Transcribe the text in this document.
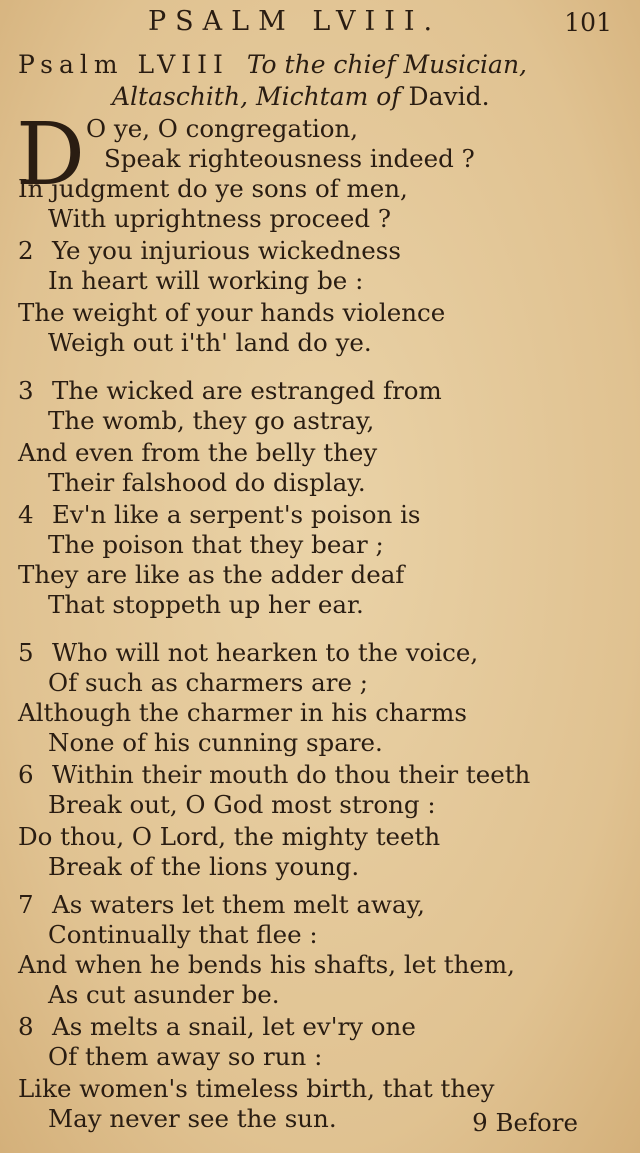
PSALM LVIII.	101
Psalm LVIII To the chief Musician,
Altaschith, Michtam of David.
D O ye, O congregation,
Speak righteousness indeed ?
In judgment do ye sons of men,
With uprightness proceed ?
2 Ye you injurious wickedness
In heart will working be :
The weight of your hands violence
Weigh out i'th' land do ye.
3 The wicked are estranged from
The womb, they go astray,
And even from the belly they
Their falshood do display.
4 Ev'n like a serpent's poison is
The poison that they bear ;
They are like as the adder deaf
That stoppeth up her ear.
5 Who will not hearken to the voice,
Of such as charmers are ;
Although the charmer in his charms
None of his cunning spare.
6 Within their mouth do thou their teeth
Break out, O God most strong :
Do thou, O Lord, the mighty teeth
Break of the lions young.
7 As waters let them melt away,
Continually that flee :
And when he bends his shafts, let them,
As cut asunder be.
8 As melts a snail, let ev'ry one
Of them away so run :
Like women's timeless birth, that they
May never see the sun.	9 Before
